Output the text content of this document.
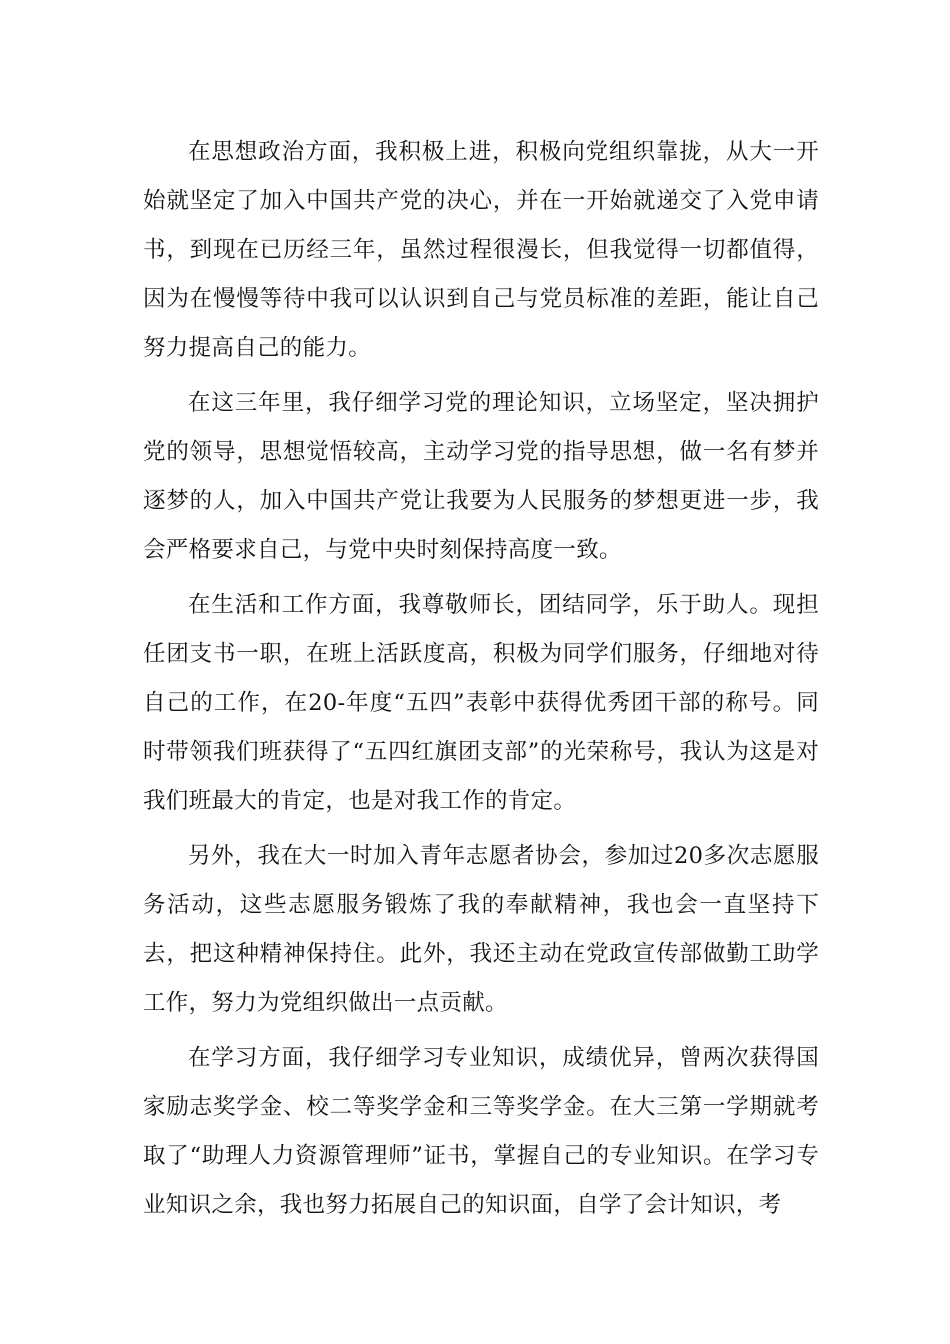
在思想政治方面，我积极上进，积极向党组织靠拢，从大一开始就坚定了加入中国共产党的决心，并在一开始就递交了入党申请书，到现在已历经三年，虽然过程很漫长，但我觉得一切都值得，因为在慢慢等待中我可以认识到自己与党员标准的差距，能让自己努力提高自己的能力。

在这三年里，我仔细学习党的理论知识，立场坚定，坚决拥护党的领导，思想觉悟较高，主动学习党的指导思想，做一名有梦并逐梦的人，加入中国共产党让我要为人民服务的梦想更进一步，我会严格要求自己，与党中央时刻保持高度一致。

在生活和工作方面，我尊敬师长，团结同学，乐于助人。现担任团支书一职，在班上活跃度高，积极为同学们服务，仔细地对待自己的工作，在20-年度“五四”表彰中获得优秀团干部的称号。同时带领我们班获得了“五四红旗团支部”的光荣称号，我认为这是对我们班最大的肯定，也是对我工作的肯定。

另外，我在大一时加入青年志愿者协会，参加过20多次志愿服务活动，这些志愿服务锻炼了我的奉献精神，我也会一直坚持下去，把这种精神保持住。此外，我还主动在党政宣传部做勤工助学工作，努力为党组织做出一点贡献。

在学习方面，我仔细学习专业知识，成绩优异，曾两次获得国家励志奖学金、校二等奖学金和三等奖学金。在大三第一学期就考取了“助理人力资源管理师”证书，掌握自己的专业知识。在学习专业知识之余，我也努力拓展自己的知识面，自学了会计知识，考
